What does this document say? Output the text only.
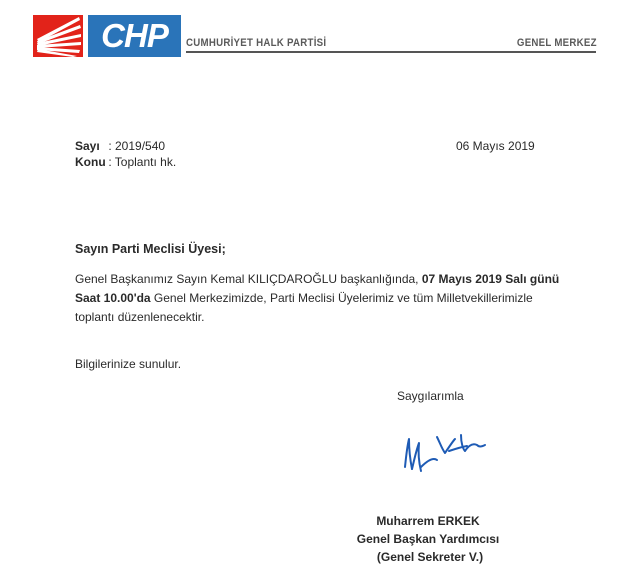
CHP	CUMHURİYET HALK PARTİSİ	GENEL MERKEZ
Sayı : 2019/540
Konu : Toplantı hk.
06 Mayıs 2019
Sayın Parti Meclisi Üyesi;
Genel Başkanımız Sayın Kemal KILIÇDAROĞLU başkanlığında, 07 Mayıs 2019 Salı günü Saat 10.00'da Genel Merkezimizde, Parti Meclisi Üyelerimiz ve tüm Milletvekillerimizle toplantı düzenlenecektir.
Bilgilerinize sunulur.
Saygılarımla
Muharrem ERKEK
Genel Başkan Yardımcısı
(Genel Sekreter V.)
